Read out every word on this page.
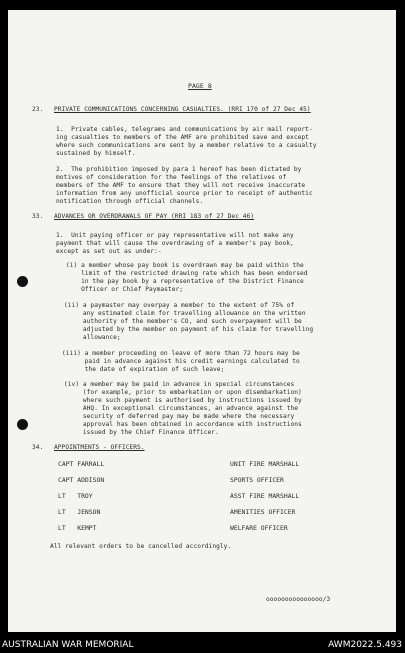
PAGE 8
23. PRIVATE COMMUNICATIONS CONCERNING CASUALTIES. (RRI 170 of 27 Dec 45)
1.  Private cables, telegrams and communications by air mail report-
ing casualties to members of the AMF are prohibited save and except
where such communications are sent by a member relative to a casualty
sustained by himself.
2.  The prohibition imposed by para 1 hereof has been dictated by
motives of consideration for the feelings of the relatives of
members of the AMF to ensure that they will not receive inaccurate
information from any unofficial source prior to receipt of authentic
notification through official channels.
33. ADVANCES OR OVERDRAWALS OF PAY (RRI 183 of 27 Dec 46)
1.  Unit paying officer or pay representative will not make any
payment that will cause the overdrawing of a member's pay book,
except as set out as under:-
(i) a member whose pay book is overdrawn may be paid within the
limit of the restricted drawing rate which has been endorsed
in the pay book by a representative of the District Finance
Officer or Chief Paymaster;
(ii) a paymaster may overpay a member to the extent of 75% of
any estimated claim for travelling allowance on the written
authority of the member's CO, and such overpayment will be
adjusted by the member on payment of his claim for travelling
allowance;
(iii) a member proceeding on leave of more than 72 hours may be
paid in advance against his credit earnings calculated to
the date of expiration of such leave;
(iv) a member may be paid in advance in special circumstances
(for example, prior to embarkation or upon disembarkation)
where such payment is authorised by instructions issued by
AHQ. In exceptional circumstances, an advance against the
security of deferred pay may be made where the necessary
approval has been obtained in accordance with instructions
issued by the Chief Finance Officer.
34. APPOINTMENTS - OFFICERS.
CAPT FARRALL	UNIT FIRE MARSHALL
CAPT ADDISON	SPORTS OFFICER
LT   TROY	ASST FIRE MARSHALL
LT   JENSON	AMENITIES OFFICER
LT   KEMPT	WELFARE OFFICER
All relevant orders to be cancelled accordingly.
ooooooooooooooo/3
AUSTRALIAN WAR MEMORIAL	AWM2022.5.493
